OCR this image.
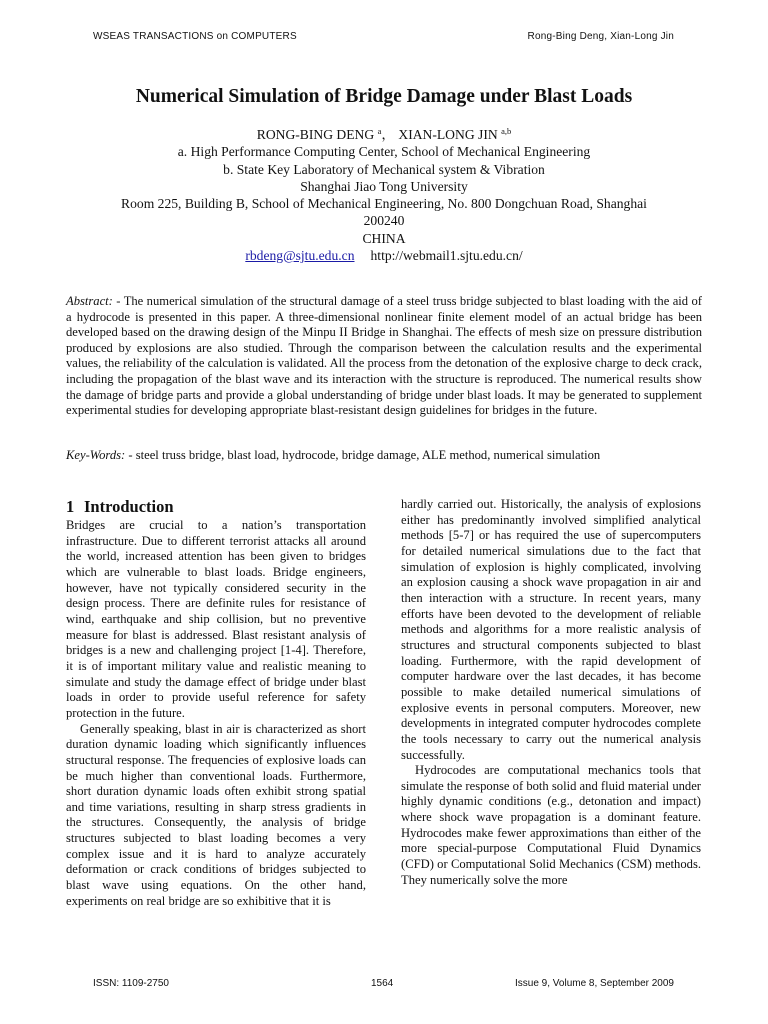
WSEAS TRANSACTIONS on COMPUTERS	Rong-Bing Deng, Xian-Long Jin
Numerical Simulation of Bridge Damage under Blast Loads
RONG-BING DENG $^a$， XIAN-LONG JIN $^{a,b}$
a. High Performance Computing Center, School of Mechanical Engineering
b. State Key Laboratory of Mechanical system & Vibration
Shanghai Jiao Tong University
Room 225, Building B, School of Mechanical Engineering, No. 800 Dongchuan Road, Shanghai
200240
CHINA
rbdeng@sjtu.edu.cn http://webmail1.sjtu.edu.cn/
Abstract: - The numerical simulation of the structural damage of a steel truss bridge subjected to blast loading with the aid of a hydrocode is presented in this paper. A three-dimensional nonlinear finite element model of an actual bridge has been developed based on the drawing design of the Minpu II Bridge in Shanghai. The effects of mesh size on pressure distribution produced by explosions are also studied. Through the comparison between the calculation results and the experimental values, the reliability of the calculation is validated. All the process from the detonation of the explosive charge to deck crack, including the propagation of the blast wave and its interaction with the structure is reproduced. The numerical results show the damage of bridge parts and provide a global understanding of bridge under blast loads. It may be generated to supplement experimental studies for developing appropriate blast-resistant design guidelines for bridges in the future.
Key-Words: - steel truss bridge, blast load, hydrocode, bridge damage, ALE method, numerical simulation
1 Introduction

Bridges are crucial to a nation’s transportation infrastructure. Due to different terrorist attacks all around the world, increased attention has been given to bridges which are vulnerable to blast loads. Bridge engineers, however, have not typically considered security in the design process. There are definite rules for resistance of wind, earthquake and ship collision, but no preventive measure for blast is addressed. Blast resistant analysis of bridges is a new and challenging project [1-4]. Therefore, it is of important military value and realistic meaning to simulate and study the damage effect of bridge under blast loads in order to provide useful reference for safety protection in the future.

Generally speaking, blast in air is characterized as short duration dynamic loading which significantly influences structural response. The frequencies of explosive loads can be much higher than conventional loads. Furthermore, short duration dynamic loads often exhibit strong spatial and time variations, resulting in sharp stress gradients in the structures. Consequently, the analysis of bridge structures subjected to blast loading becomes a very complex issue and it is hard to analyze accurately deformation or crack conditions of bridges subjected to blast wave using equations. On the other hand, experiments on real bridge are so exhibitive that it is

hardly carried out. Historically, the analysis of explosions either has predominantly involved simplified analytical methods [5-7] or has required the use of supercomputers for detailed numerical simulations due to the fact that simulation of explosion is highly complicated, involving an explosion causing a shock wave propagation in air and then interaction with a structure. In recent years, many efforts have been devoted to the development of reliable methods and algorithms for a more realistic analysis of structures and structural components subjected to blast loading. Furthermore, with the rapid development of computer hardware over the last decades, it has become possible to make detailed numerical simulations of explosive events in personal computers. Moreover, new developments in integrated computer hydrocodes complete the tools necessary to carry out the numerical analysis successfully.

Hydrocodes are computational mechanics tools that simulate the response of both solid and fluid material under highly dynamic conditions (e.g., detonation and impact) where shock wave propagation is a dominant feature. Hydrocodes make fewer approximations than either of the more special-purpose Computational Fluid Dynamics (CFD) or Computational Solid Mechanics (CSM) methods. They numerically solve the more

ISSN: 1109-2750	1564	Issue 9, Volume 8, September 2009
